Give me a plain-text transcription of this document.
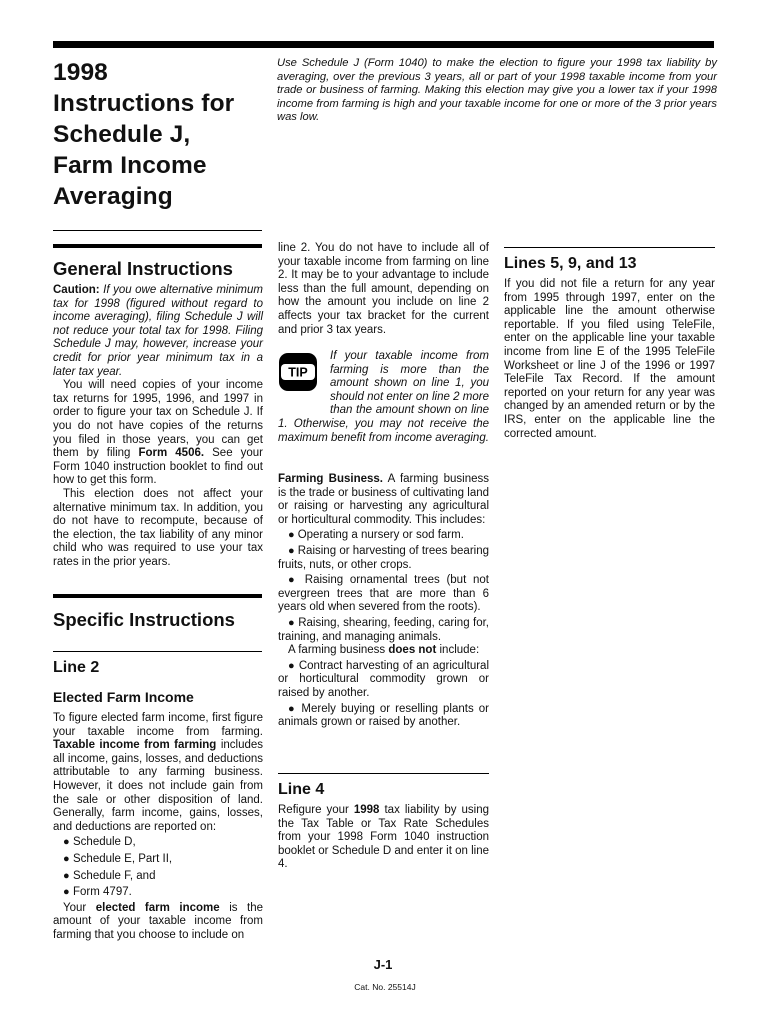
1998
Instructions for
Schedule J,
Farm Income
Averaging
Use Schedule J (Form 1040) to make the election to figure your 1998 tax liability by averaging, over the previous 3 years, all or part of your 1998 taxable income from your trade or business of farming. Making this election may give you a lower tax if your 1998 income from farming is high and your taxable income for one or more of the 3 prior years was low.
General Instructions

Caution: If you owe alternative minimum tax for 1998 (figured without regard to income averaging), filing Schedule J will not reduce your total tax for 1998. Filing Schedule J may, however, increase your credit for prior year minimum tax in a later tax year.

You will need copies of your income tax returns for 1995, 1996, and 1997 in order to figure your tax on Schedule J. If you do not have copies of the returns you filed in those years, you can get them by filing Form 4506. See your Form 1040 instruction booklet to find out how to get this form.

This election does not affect your alternative minimum tax. In addition, you do not have to recompute, because of the election, the tax liability of any minor child who was required to use your tax rates in the prior years.

Specific Instructions
Line 2
Elected Farm Income

To figure elected farm income, first figure your taxable income from farming. Taxable income from farming includes all income, gains, losses, and deductions attributable to any farming business. However, it does not include gain from the sale or other disposition of land. Generally, farm income, gains, losses, and deductions are reported on:

● Schedule D,

● Schedule E, Part II,

● Schedule F, and

● Form 4797.

Your elected farm income is the amount of your taxable income from farming that you choose to include on

line 2. You do not have to include all of your taxable income from farming on line 2. It may be to your advantage to include less than the full amount, depending on how the amount you include on line 2 affects your tax bracket for the current and prior 3 tax years.
TIP
If your taxable income from farming is more than the amount shown on line 1, you should not enter on line 2 more than the amount shown on line 1. Otherwise, you may not receive the maximum benefit from income averaging.

Farming Business. A farming business is the trade or business of cultivating land or raising or harvesting any agricultural or horticultural commodity. This includes:

● Operating a nursery or sod farm.

● Raising or harvesting of trees bearing fruits, nuts, or other crops.

● Raising ornamental trees (but not evergreen trees that are more than 6 years old when severed from the roots).

● Raising, shearing, feeding, caring for, training, and managing animals.

A farming business does not include:

● Contract harvesting of an agricultural or horticultural commodity grown or raised by another.

● Merely buying or reselling plants or animals grown or raised by another.

Line 4
Refigure your 1998 tax liability by using the Tax Table or Tax Rate Schedules from your 1998 Form 1040 instruction booklet or Schedule D and enter it on line 4.
Lines 5, 9, and 13
If you did not file a return for any year from 1995 through 1997, enter on the applicable line the amount otherwise reportable. If you filed using TeleFile, enter on the applicable line your taxable income from line E of the 1995 TeleFile Worksheet or line J of the 1996 or 1997 TeleFile Tax Record. If the amount reported on your return for any year was changed by an amended return or by the IRS, enter on the applicable line the corrected amount.
J-1
Cat. No. 25514J
